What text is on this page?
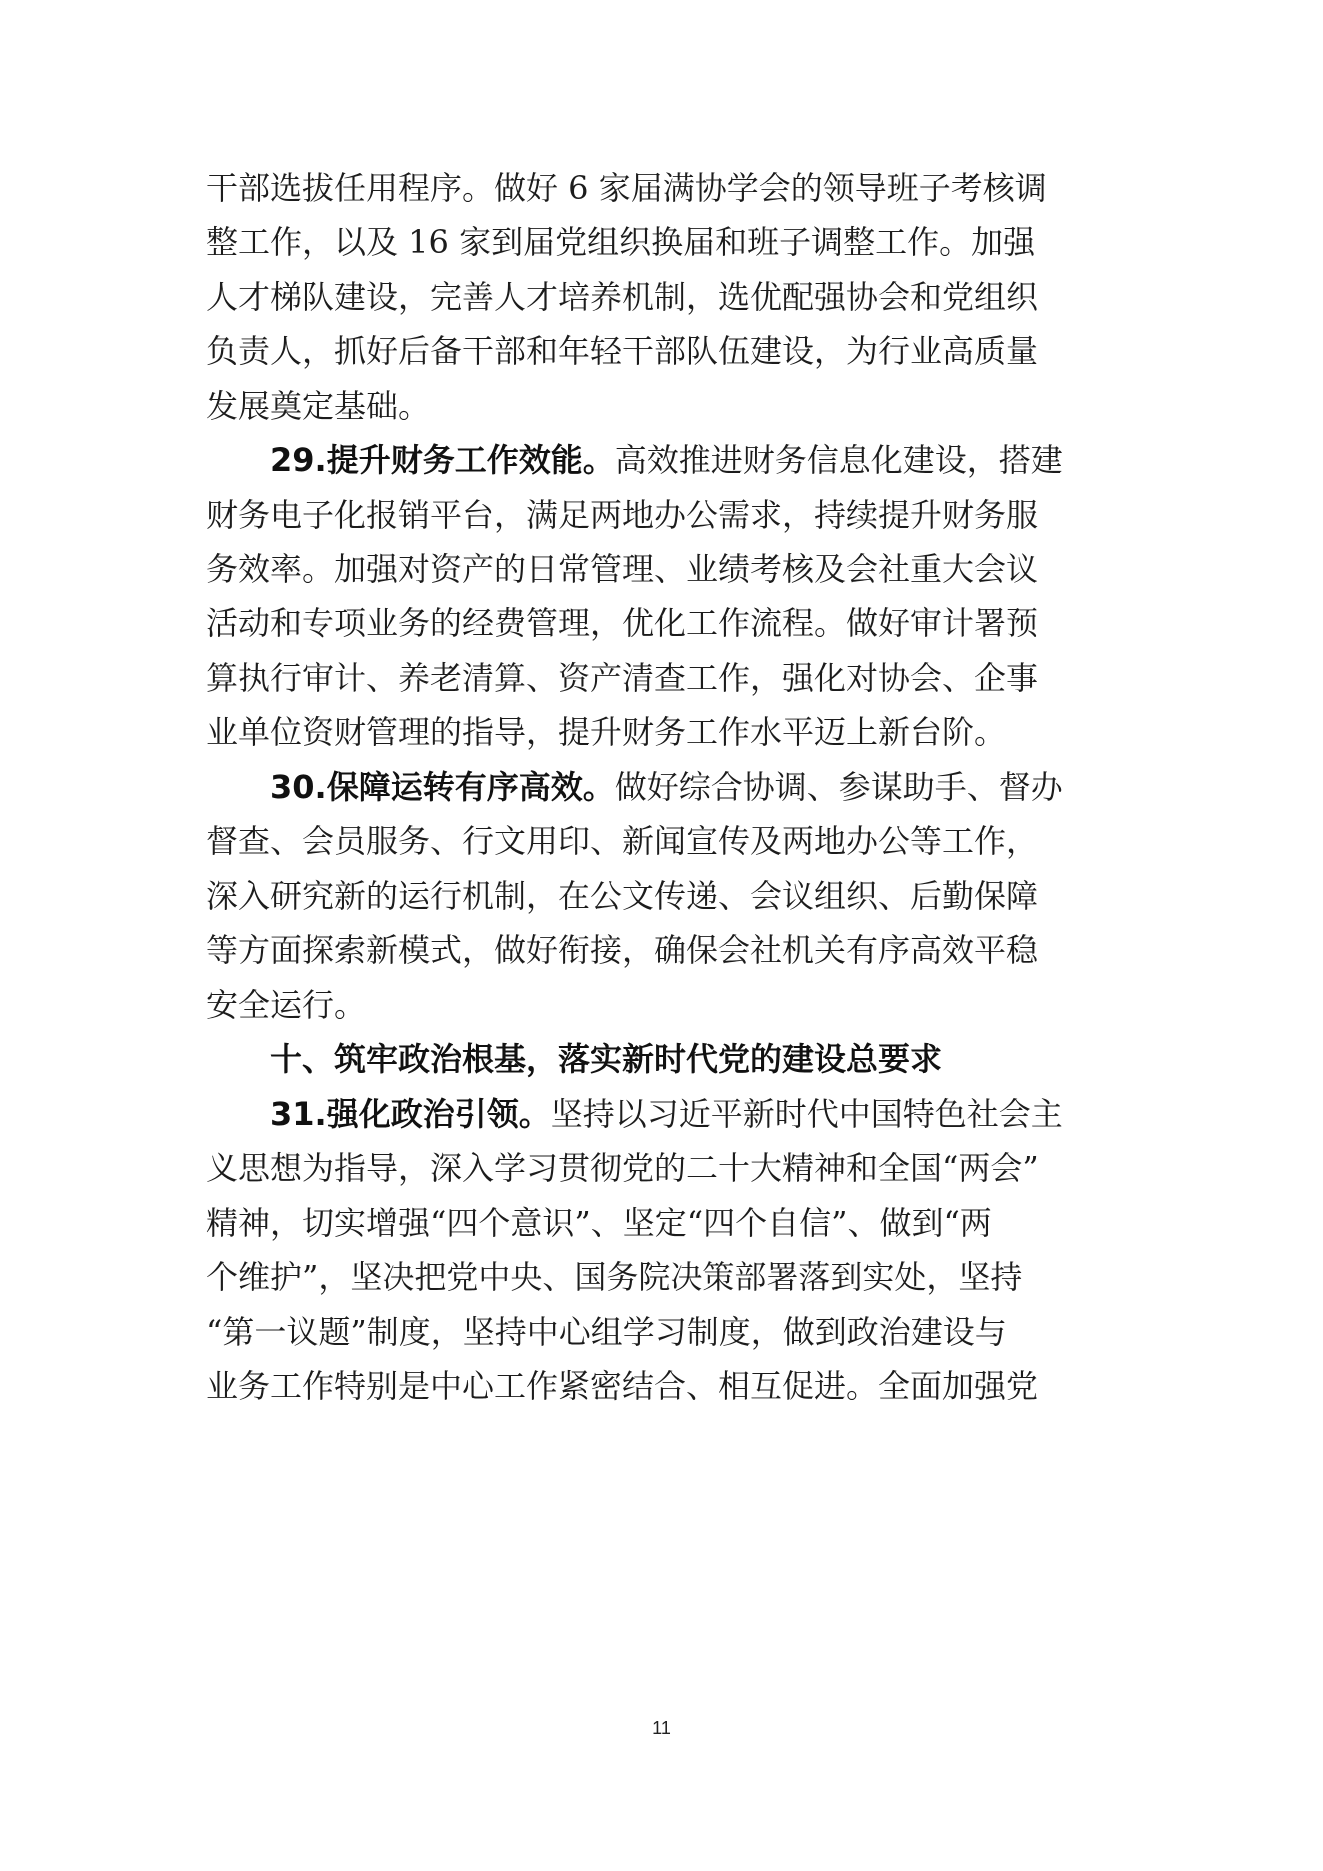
干部选拔任用程序。做好 6 家届满协学会的领导班子考核调
整工作，以及 16 家到届党组织换届和班子调整工作。加强
人才梯队建设，完善人才培养机制，选优配强协会和党组织
负责人，抓好后备干部和年轻干部队伍建设，为行业高质量
发展奠定基础。
29.提升财务工作效能。高效推进财务信息化建设，搭建
财务电子化报销平台，满足两地办公需求，持续提升财务服
务效率。加强对资产的日常管理、业绩考核及会社重大会议
活动和专项业务的经费管理，优化工作流程。做好审计署预
算执行审计、养老清算、资产清查工作，强化对协会、企事
业单位资财管理的指导，提升财务工作水平迈上新台阶。
30.保障运转有序高效。做好综合协调、参谋助手、督办
督查、会员服务、行文用印、新闻宣传及两地办公等工作，
深入研究新的运行机制，在公文传递、会议组织、后勤保障
等方面探索新模式，做好衔接，确保会社机关有序高效平稳
安全运行。
十、筑牢政治根基，落实新时代党的建设总要求
31.强化政治引领。坚持以习近平新时代中国特色社会主
义思想为指导，深入学习贯彻党的二十大精神和全国“两会”
精神，切实增强“四个意识”、坚定“四个自信”、做到“两
个维护”，坚决把党中央、国务院决策部署落到实处，坚持
“第一议题”制度，坚持中心组学习制度，做到政治建设与
业务工作特别是中心工作紧密结合、相互促进。全面加强党
11
